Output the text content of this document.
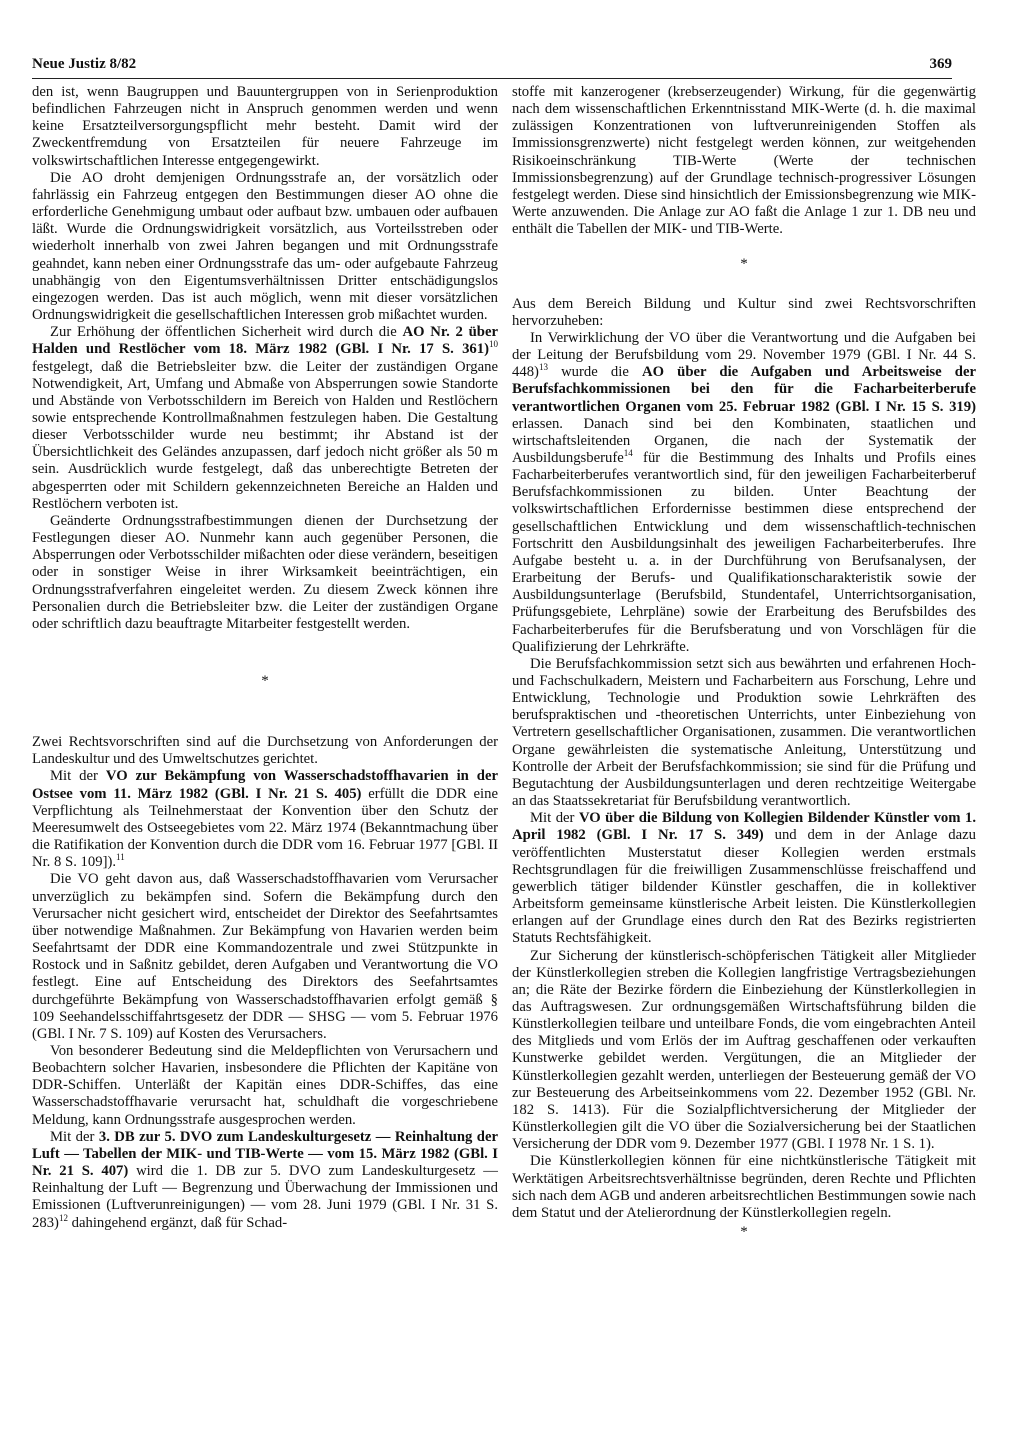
Neue Justiz 8/82	369

den ist, wenn Baugruppen und Bauuntergruppen von in Serienproduktion befindlichen Fahrzeugen nicht in Anspruch genommen werden und wenn keine Ersatzteilversorgungspflicht mehr besteht. Damit wird der Zweckentfremdung von Ersatzteilen für neuere Fahrzeuge im volkswirtschaftlichen Interesse entgegengewirkt.

Die AO droht demjenigen Ordnungsstrafe an, der vorsätzlich oder fahrlässig ein Fahrzeug entgegen den Bestimmungen dieser AO ohne die erforderliche Genehmigung umbaut oder aufbaut bzw. umbauen oder aufbauen läßt. Wurde die Ordnungswidrigkeit vorsätzlich, aus Vorteilsstreben oder wiederholt innerhalb von zwei Jahren begangen und mit Ordnungsstrafe geahndet, kann neben einer Ordnungsstrafe das um- oder aufgebaute Fahrzeug unabhängig von den Eigentumsverhältnissen Dritter entschädigungslos eingezogen werden. Das ist auch möglich, wenn mit dieser vorsätzlichen Ordnungswidrigkeit die gesellschaftlichen Interessen grob mißachtet wurden.

Zur Erhöhung der öffentlichen Sicherheit wird durch die AO Nr. 2 über Halden und Restlöcher vom 18. März 1982 (GBl. I Nr. 17 S. 361)$^{10}$ festgelegt, daß die Betriebsleiter bzw. die Leiter der zuständigen Organe Notwendigkeit, Art, Umfang und Abmaße von Absperrungen sowie Standorte und Abstände von Verbotsschildern im Bereich von Halden und Restlöchern sowie entsprechende Kontrollmaßnahmen festzulegen haben. Die Gestaltung dieser Verbotsschilder wurde neu bestimmt; ihr Abstand ist der Übersichtlichkeit des Geländes anzupassen, darf jedoch nicht größer als 50 m sein. Ausdrücklich wurde festgelegt, daß das unberechtigte Betreten der abgesperrten oder mit Schildern gekennzeichneten Bereiche an Halden und Restlöchern verboten ist.

Geänderte Ordnungsstrafbestimmungen dienen der Durchsetzung der Festlegungen dieser AO. Nunmehr kann auch gegenüber Personen, die Absperrungen oder Verbotsschilder mißachten oder diese verändern, beseitigen oder in sonstiger Weise in ihrer Wirksamkeit beeinträchtigen, ein Ordnungsstrafverfahren eingeleitet werden. Zu diesem Zweck können ihre Personalien durch die Betriebsleiter bzw. die Leiter der zuständigen Organe oder schriftlich dazu beauftragte Mitarbeiter festgestellt werden.

*

Zwei Rechtsvorschriften sind auf die Durchsetzung von Anforderungen der Landeskultur und des Umweltschutzes gerichtet.

Mit der VO zur Bekämpfung von Wasserschadstoffhavarien in der Ostsee vom 11. März 1982 (GBl. I Nr. 21 S. 405) erfüllt die DDR eine Verpflichtung als Teilnehmerstaat der Konvention über den Schutz der Meeresumwelt des Ostseegebietes vom 22. März 1974 (Bekanntmachung über die Ratifikation der Konvention durch die DDR vom 16. Februar 1977 [GBl. II Nr. 8 S. 109]).$^{11}$

Die VO geht davon aus, daß Wasserschadstoffhavarien vom Verursacher unverzüglich zu bekämpfen sind. Sofern die Bekämpfung durch den Verursacher nicht gesichert wird, entscheidet der Direktor des Seefahrtsamtes über notwendige Maßnahmen. Zur Bekämpfung von Havarien werden beim Seefahrtsamt der DDR eine Kommandozentrale und zwei Stützpunkte in Rostock und in Saßnitz gebildet, deren Aufgaben und Verantwortung die VO festlegt. Eine auf Entscheidung des Direktors des Seefahrtsamtes durchgeführte Bekämpfung von Wasserschadstoffhavarien erfolgt gemäß § 109 Seehandelsschiffahrtsgesetz der DDR — SHSG — vom 5. Februar 1976 (GBl. I Nr. 7 S. 109) auf Kosten des Verursachers.

Von besonderer Bedeutung sind die Meldepflichten von Verursachern und Beobachtern solcher Havarien, insbesondere die Pflichten der Kapitäne von DDR-Schiffen. Unterläßt der Kapitän eines DDR-Schiffes, das eine Wasserschadstoffhavarie verursacht hat, schuldhaft die vorgeschriebene Meldung, kann Ordnungsstrafe ausgesprochen werden.

Mit der 3. DB zur 5. DVO zum Landeskulturgesetz — Reinhaltung der Luft — Tabellen der MIK- und TIB-Werte — vom 15. März 1982 (GBl. I Nr. 21 S. 407) wird die 1. DB zur 5. DVO zum Landeskulturgesetz — Reinhaltung der Luft — Begrenzung und Überwachung der Immissionen und Emissionen (Luftverunreinigungen) — vom 28. Juni 1979 (GBl. I Nr. 31 S. 283)$^{12}$ dahingehend ergänzt, daß für Schad-

stoffe mit kanzerogener (krebserzeugender) Wirkung, für die gegenwärtig nach dem wissenschaftlichen Erkenntnisstand MIK-Werte (d. h. die maximal zulässigen Konzentrationen von luftverunreinigenden Stoffen als Immissionsgrenzwerte) nicht festgelegt werden können, zur weitgehenden Risikoeinschränkung TIB-Werte (Werte der technischen Immissionsbegrenzung) auf der Grundlage technisch-progressiver Lösungen festgelegt werden. Diese sind hinsichtlich der Emissionsbegrenzung wie MIK-Werte anzuwenden. Die Anlage zur AO faßt die Anlage 1 zur 1. DB neu und enthält die Tabellen der MIK- und TIB-Werte.

*

Aus dem Bereich Bildung und Kultur sind zwei Rechtsvorschriften hervorzuheben:

In Verwirklichung der VO über die Verantwortung und die Aufgaben bei der Leitung der Berufsbildung vom 29. November 1979 (GBl. I Nr. 44 S. 448)$^{13}$ wurde die AO über die Aufgaben und Arbeitsweise der Berufsfachkommissionen bei den für die Facharbeiterberufe verantwortlichen Organen vom 25. Februar 1982 (GBl. I Nr. 15 S. 319) erlassen. Danach sind bei den Kombinaten, staatlichen und wirtschaftsleitenden Organen, die nach der Systematik der Ausbildungsberufe$^{14}$ für die Bestimmung des Inhalts und Profils eines Facharbeiterberufes verantwortlich sind, für den jeweiligen Facharbeiterberuf Berufsfachkommissionen zu bilden. Unter Beachtung der volkswirtschaftlichen Erfordernisse bestimmen diese entsprechend der gesellschaftlichen Entwicklung und dem wissenschaftlich-technischen Fortschritt den Ausbildungsinhalt des jeweiligen Facharbeiterberufes. Ihre Aufgabe besteht u. a. in der Durchführung von Berufsanalysen, der Erarbeitung der Berufs- und Qualifikationscharakteristik sowie der Ausbildungsunterlage (Berufsbild, Stundentafel, Unterrichtsorganisation, Prüfungsgebiete, Lehrpläne) sowie der Erarbeitung des Berufsbildes des Facharbeiterberufes für die Berufsberatung und von Vorschlägen für die Qualifizierung der Lehrkräfte.

Die Berufsfachkommission setzt sich aus bewährten und erfahrenen Hoch- und Fachschulkadern, Meistern und Facharbeitern aus Forschung, Lehre und Entwicklung, Technologie und Produktion sowie Lehrkräften des berufspraktischen und -theoretischen Unterrichts, unter Einbeziehung von Vertretern gesellschaftlicher Organisationen, zusammen. Die verantwortlichen Organe gewährleisten die systematische Anleitung, Unterstützung und Kontrolle der Arbeit der Berufsfachkommission; sie sind für die Prüfung und Begutachtung der Ausbildungsunterlagen und deren rechtzeitige Weitergabe an das Staatssekretariat für Berufsbildung verantwortlich.

Mit der VO über die Bildung von Kollegien Bildender Künstler vom 1. April 1982 (GBl. I Nr. 17 S. 349) und dem in der Anlage dazu veröffentlichten Musterstatut dieser Kollegien werden erstmals Rechtsgrundlagen für die freiwilligen Zusammenschlüsse freischaffend und gewerblich tätiger bildender Künstler geschaffen, die in kollektiver Arbeitsform gemeinsame künstlerische Arbeit leisten. Die Künstlerkollegien erlangen auf der Grundlage eines durch den Rat des Bezirks registrierten Statuts Rechtsfähigkeit.

Zur Sicherung der künstlerisch-schöpferischen Tätigkeit aller Mitglieder der Künstlerkollegien streben die Kollegien langfristige Vertragsbeziehungen an; die Räte der Bezirke fördern die Einbeziehung der Künstlerkollegien in das Auftragswesen. Zur ordnungsgemäßen Wirtschaftsführung bilden die Künstlerkollegien teilbare und unteilbare Fonds, die vom eingebrachten Anteil des Mitglieds und vom Erlös der im Auftrag geschaffenen oder verkauften Kunstwerke gebildet werden. Vergütungen, die an Mitglieder der Künstlerkollegien gezahlt werden, unterliegen der Besteuerung gemäß der VO zur Besteuerung des Arbeitseinkommens vom 22. Dezember 1952 (GBl. Nr. 182 S. 1413). Für die Sozialpflichtversicherung der Mitglieder der Künstlerkollegien gilt die VO über die Sozialversicherung bei der Staatlichen Versicherung der DDR vom 9. Dezember 1977 (GBl. I 1978 Nr. 1 S. 1).

Die Künstlerkollegien können für eine nichtkünstlerische Tätigkeit mit Werktätigen Arbeitsrechtsverhältnisse begründen, deren Rechte und Pflichten sich nach dem AGB und anderen arbeitsrechtlichen Bestimmungen sowie nach dem Statut und der Atelierordnung der Künstlerkollegien regeln.

*
